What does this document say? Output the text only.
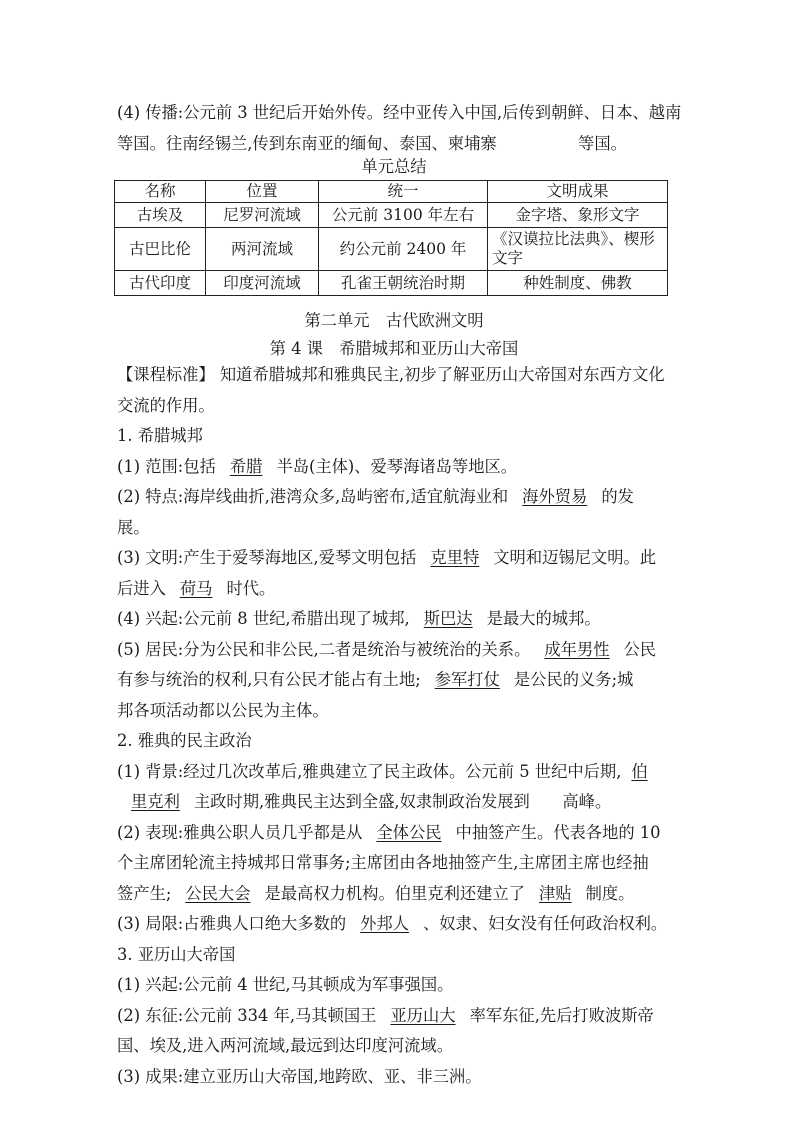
(4) 传播:公元前 3 世纪后开始外传。经中亚传入中国,后传到朝鲜、日本、越南
等国。往南经锡兰,传到东南亚的缅甸、泰国、柬埔寨　　　　　等国。
单元总结
名称	位置	统一	文明成果
古埃及	尼罗河流域	公元前 3100 年左右	金字塔、象形文字
古巴比伦	两河流域	约公元前 2400 年	《汉谟拉比法典》、楔形文字
古代印度	印度河流域	孔雀王朝统治时期	种姓制度、佛教
第二单元　古代欧洲文明
第 4 课　希腊城邦和亚历山大帝国
【课程标准】 知道希腊城邦和雅典民主,初步了解亚历山大帝国对东西方文化
交流的作用。
1. 希腊城邦
(1) 范围:包括 希腊 半岛(主体)、爱琴海诸岛等地区。
(2) 特点:海岸线曲折,港湾众多,岛屿密布,适宜航海业和 海外贸易 的发
展。
(3) 文明:产生于爱琴海地区,爱琴文明包括 克里特 文明和迈锡尼文明。此
后进入 荷马 时代。
(4) 兴起:公元前 8 世纪,希腊出现了城邦, 斯巴达 是最大的城邦。
(5) 居民:分为公民和非公民,二者是统治与被统治的关系。 成年男性 公民
有参与统治的权利,只有公民才能占有土地; 参军打仗 是公民的义务;城
邦各项活动都以公民为主体。
2. 雅典的民主政治
(1) 背景:经过几次改革后,雅典建立了民主政体。公元前 5 世纪中后期, 伯
里克利 主政时期,雅典民主达到全盛,奴隶制政治发展到　　高峰。
(2) 表现:雅典公职人员几乎都是从 全体公民 中抽签产生。代表各地的 10
个主席团轮流主持城邦日常事务;主席团由各地抽签产生,主席团主席也经抽
签产生; 公民大会 是最高权力机构。伯里克利还建立了 津贴 制度。
(3) 局限:占雅典人口绝大多数的 外邦人 、奴隶、妇女没有任何政治权利。
3. 亚历山大帝国
(1) 兴起:公元前 4 世纪,马其顿成为军事强国。
(2) 东征:公元前 334 年,马其顿国王 亚历山大 率军东征,先后打败波斯帝
国、埃及,进入两河流域,最远到达印度河流域。
(3) 成果:建立亚历山大帝国,地跨欧、亚、非三洲。
